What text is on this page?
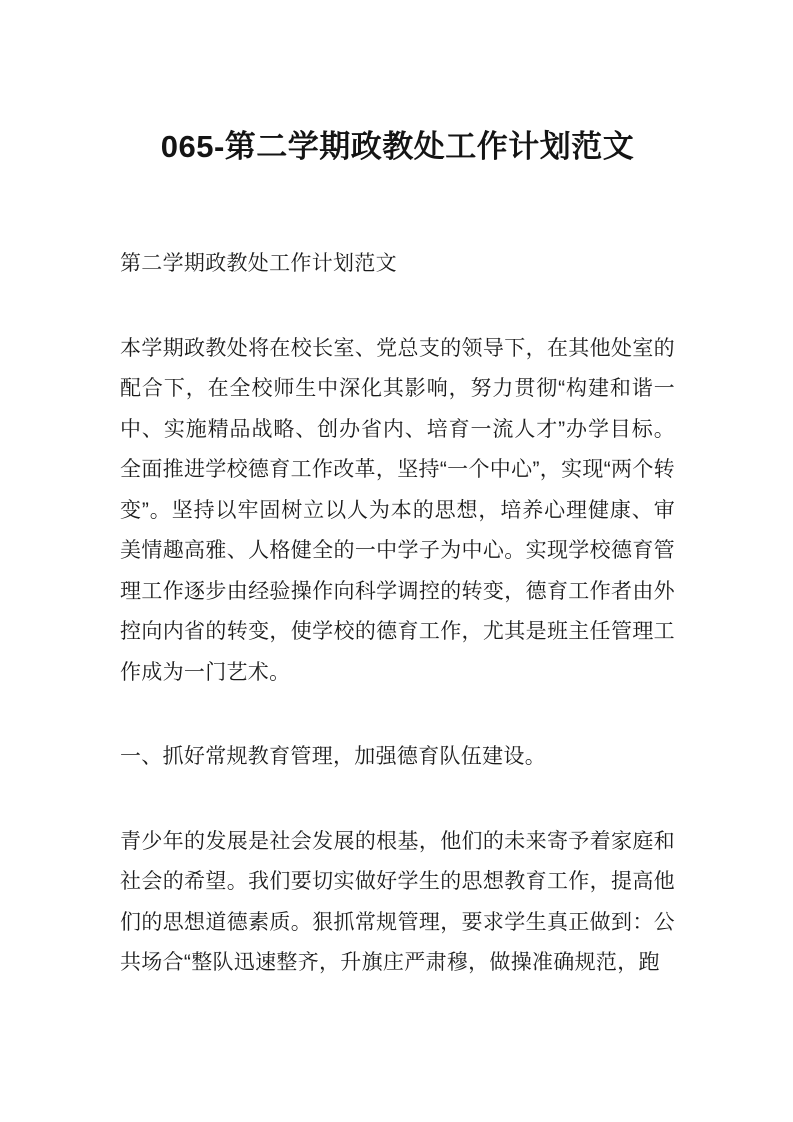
065-第二学期政教处工作计划范文

第二学期政教处工作计划范文

本学期政教处将在校长室、党总支的领导下，在其他处室的配合下，在全校师生中深化其影响，努力贯彻“构建和谐一中、实施精品战略、创办省内、培育一流人才”办学目标。全面推进学校德育工作改革，坚持“一个中心”，实现“两个转变”。坚持以牢固树立以人为本的思想，培养心理健康、审美情趣高雅、人格健全的一中学子为中心。实现学校德育管理工作逐步由经验操作向科学调控的转变，德育工作者由外控向内省的转变，使学校的德育工作，尤其是班主任管理工作成为一门艺术。

一、抓好常规教育管理，加强德育队伍建设。

青少年的发展是社会发展的根基，他们的未来寄予着家庭和社会的希望。我们要切实做好学生的思想教育工作，提高他们的思想道德素质。狠抓常规管理，要求学生真正做到：公共场合“整队迅速整齐，升旗庄严肃穆，做操准确规范，跑
